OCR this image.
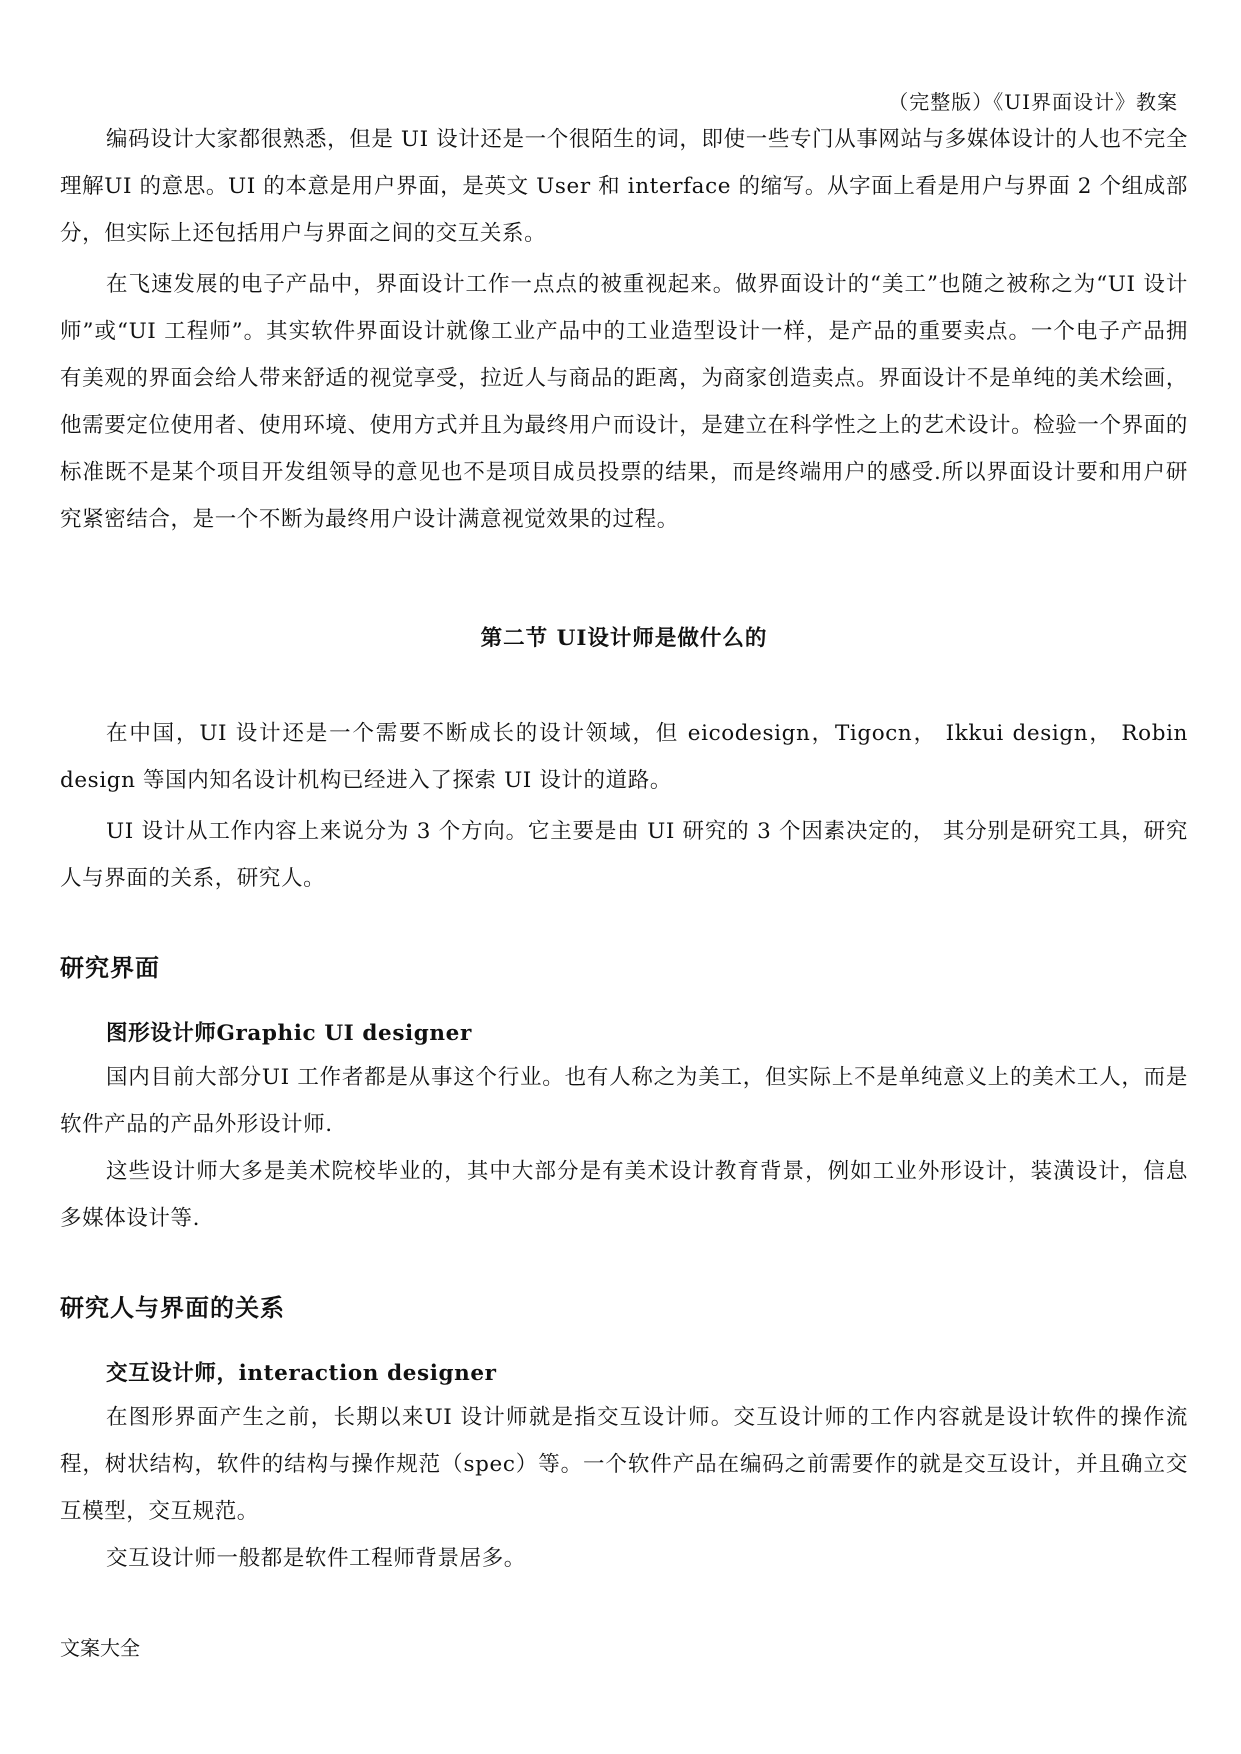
（完整版）《UI界面设计》教案

编码设计大家都很熟悉，但是 UI 设计还是一个很陌生的词，即使一些专门从事网站与多媒体设计的人也不完全理解UI 的意思。UI 的本意是用户界面，是英文 User 和 interface 的缩写。从字面上看是用户与界面 2 个组成部分，但实际上还包括用户与界面之间的交互关系。

在飞速发展的电子产品中，界面设计工作一点点的被重视起来。做界面设计的“美工”也随之被称之为“UI 设计师”或“UI 工程师”。其实软件界面设计就像工业产品中的工业造型设计一样，是产品的重要卖点。一个电子产品拥有美观的界面会给人带来舒适的视觉享受，拉近人与商品的距离，为商家创造卖点。界面设计不是单纯的美术绘画，他需要定位使用者、使用环境、使用方式并且为最终用户而设计，是建立在科学性之上的艺术设计。检验一个界面的标准既不是某个项目开发组领导的意见也不是项目成员投票的结果，而是终端用户的感受.所以界面设计要和用户研究紧密结合，是一个不断为最终用户设计满意视觉效果的过程。

第二节 UI设计师是做什么的

在中国，UI 设计还是一个需要不断成长的设计领域，但 eicodesign，Tigocn， Ikkui design， Robin design 等国内知名设计机构已经进入了探索 UI 设计的道路。

UI 设计从工作内容上来说分为 3 个方向。它主要是由 UI 研究的 3 个因素决定的， 其分别是研究工具，研究人与界面的关系，研究人。

研究界面
图形设计师Graphic UI designer

国内目前大部分UI 工作者都是从事这个行业。也有人称之为美工，但实际上不是单纯意义上的美术工人，而是软件产品的产品外形设计师.

这些设计师大多是美术院校毕业的，其中大部分是有美术设计教育背景，例如工业外形设计，装潢设计，信息多媒体设计等.

研究人与界面的关系
交互设计师，interaction designer

在图形界面产生之前，长期以来UI 设计师就是指交互设计师。交互设计师的工作内容就是设计软件的操作流程，树状结构，软件的结构与操作规范（spec）等。一个软件产品在编码之前需要作的就是交互设计，并且确立交互模型，交互规范。

交互设计师一般都是软件工程师背景居多。

文案大全
